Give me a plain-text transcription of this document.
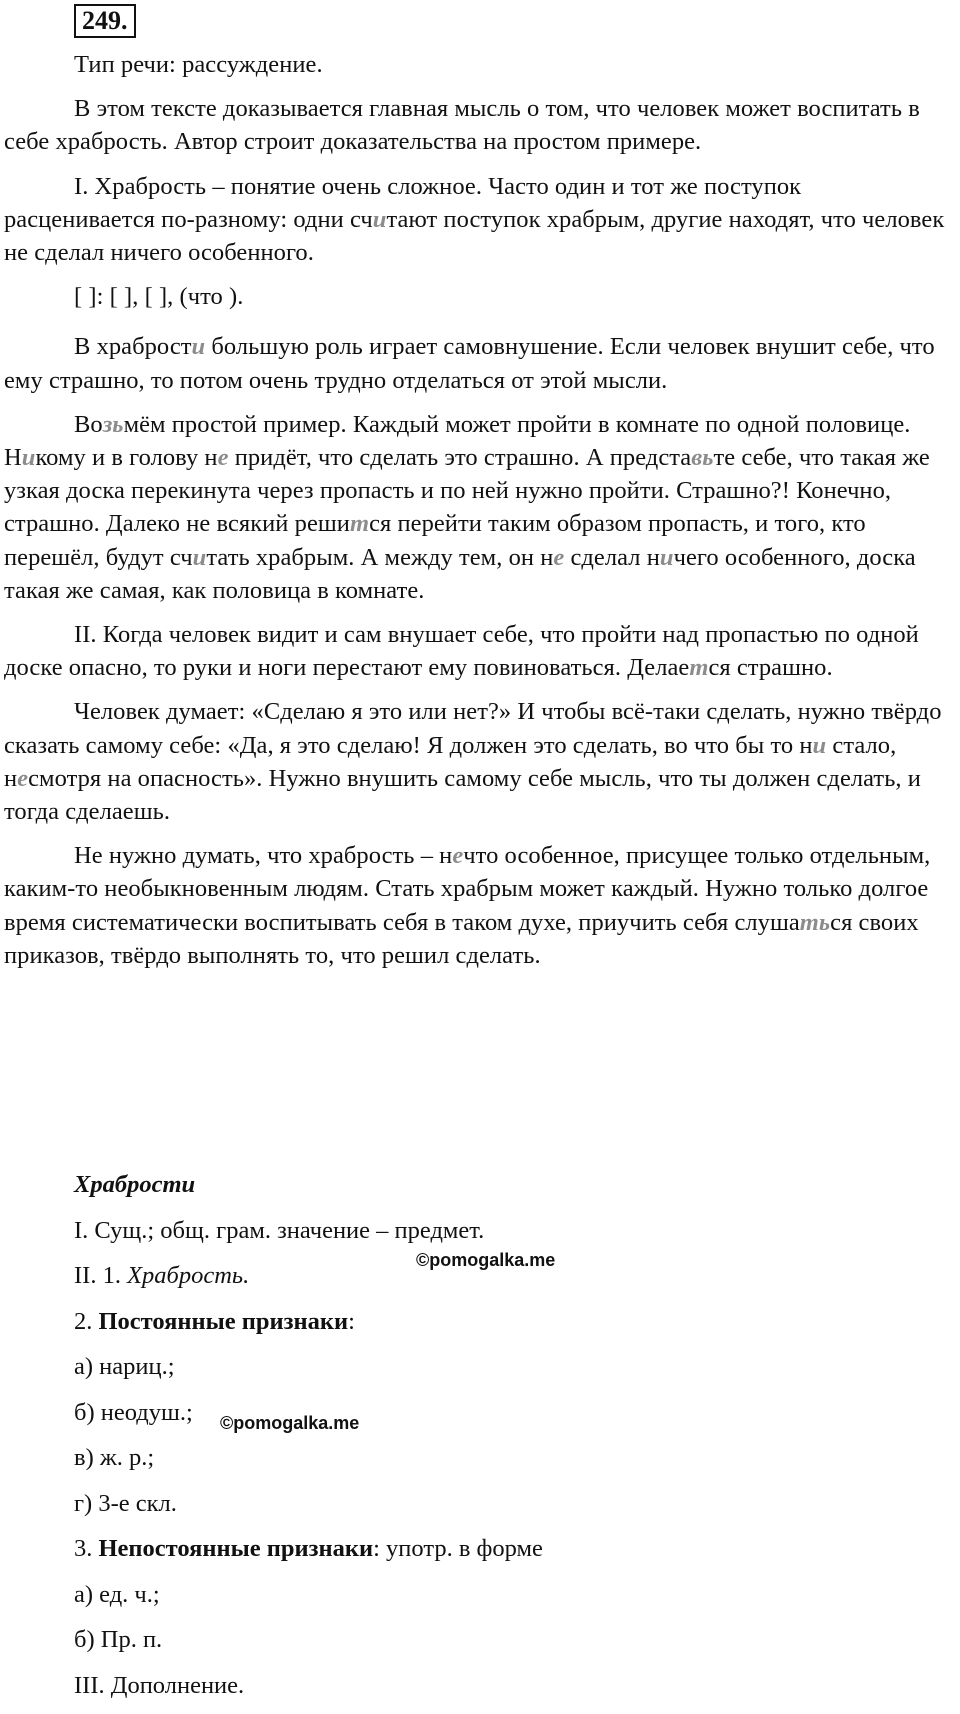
249.

Тип речи: рассуждение.

В этом тексте доказывается главная мысль о том, что человек может воспитать в себе храбрость. Автор строит доказательства на простом примере.

I. Храбрость – понятие очень сложное. Часто один и тот же поступок расценивается по-разному: одни считают поступок храбрым, другие находят, что человек не сделал ничего особенного.

[ ]: [ ], [ ], (что ).

В храбрости большую роль играет самовнушение. Если человек внушит себе, что ему страшно, то потом очень трудно отделаться от этой мысли.

Возьмём простой пример. Каждый может пройти в комнате по одной половице. Никому и в голову не придёт, что сделать это страшно. А представьте себе, что такая же узкая доска перекинута через пропасть и по ней нужно пройти. Страшно?! Конечно, страшно. Далеко не всякий решится перейти таким образом пропасть, и того, кто перешёл, будут считать храбрым. А между тем, он не сделал ничего особенного, доска такая же самая, как половица в комнате.

II. Когда человек видит и сам внушает себе, что пройти над пропастью по одной доске опасно, то руки и ноги перестают ему повиноваться. Делается страшно.

Человек думает: «Сделаю я это или нет?» И чтобы всё-таки сделать, нужно твёрдо сказать самому себе: «Да, я это сделаю! Я должен это сделать, во что бы то ни стало, несмотря на опасность». Нужно внушить самому себе мысль, что ты должен сделать, и тогда сделаешь.

Не нужно думать, что храбрость – нечто особенное, присущее только отдельным, каким-то необыкновенным людям. Стать храбрым может каждый. Нужно только долгое время систематически воспитывать себя в таком духе, приучить себя слушаться своих приказов, твёрдо выполнять то, что решил сделать.

Храбрости

I. Сущ.; общ. грам. значение – предмет.

II. 1. Храбрость.

2. Постоянные признаки:

а) нариц.;

б) неодуш.;

в) ж. р.;

г) 3-е скл.

3. Непостоянные признаки: употр. в форме

а) ед. ч.;

б) Пр. п.

III. Дополнение.

©pomogalka.me
©pomogalka.me
